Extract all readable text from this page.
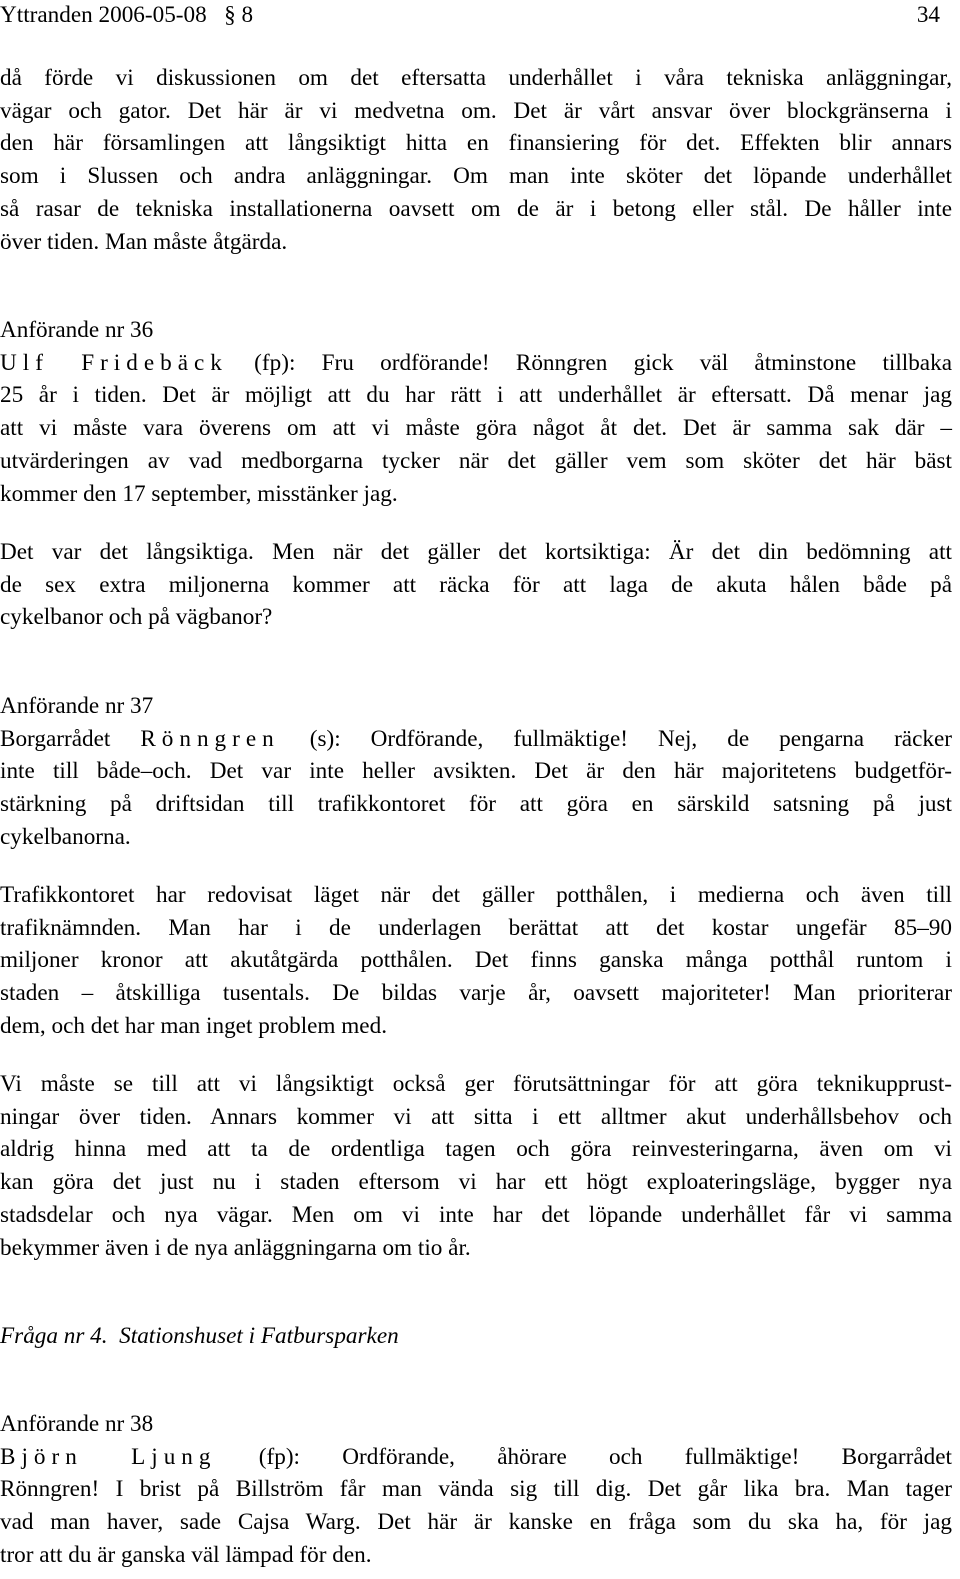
Yttranden 2006-05-08   § 8	34
då förde vi diskussionen om det eftersatta underhållet i våra tekniska anläggningar,
vägar och gator. Det här är vi medvetna om. Det är vårt ansvar över blockgränserna i
den här församlingen att långsiktigt hitta en finansiering för det. Effekten blir annars
som i Slussen och andra anläggningar. Om man inte sköter det löpande underhållet
så rasar de tekniska installationerna oavsett om de är i betong eller stål. De håller inte
över tiden. Man måste åtgärda.
Anförande nr 36
Ulf Fridebäck (fp): Fru ordförande! Rönngren gick väl åtminstone tillbaka
25 år i tiden. Det är möjligt att du har rätt i att underhållet är eftersatt. Då menar jag
att vi måste vara överens om att vi måste göra något åt det. Det är samma sak där –
utvärderingen av vad medborgarna tycker när det gäller vem som sköter det här bäst
kommer den 17 september, misstänker jag.
Det var det långsiktiga. Men när det gäller det kortsiktiga: Är det din bedömning att
de sex extra miljonerna kommer att räcka för att laga de akuta hålen både på
cykelbanor och på vägbanor?
Anförande nr 37
Borgarrådet Rönngren (s): Ordförande, fullmäktige! Nej, de pengarna räcker
inte till både–och. Det var inte heller avsikten. Det är den här majoritetens budgetför-
stärkning på driftsidan till trafikkontoret för att göra en särskild satsning på just
cykelbanorna.
Trafikkontoret har redovisat läget när det gäller potthålen, i medierna och även till
trafiknämnden. Man har i de underlagen berättat att det kostar ungefär 85–90
miljoner kronor att akutåtgärda potthålen. Det finns ganska många potthål runtom i
staden – åtskilliga tusentals. De bildas varje år, oavsett majoriteter! Man prioriterar
dem, och det har man inget problem med.
Vi måste se till att vi långsiktigt också ger förutsättningar för att göra teknikupprust-
ningar över tiden. Annars kommer vi att sitta i ett alltmer akut underhållsbehov och
aldrig hinna med att ta de ordentliga tagen och göra reinvesteringarna, även om vi
kan göra det just nu i staden eftersom vi har ett högt exploateringsläge, bygger nya
stadsdelar och nya vägar. Men om vi inte har det löpande underhållet får vi samma
bekymmer även i de nya anläggningarna om tio år.
Fråga nr 4. Stationshuset i Fatbursparken
Anförande nr 38
Björn Ljung (fp): Ordförande, åhörare och fullmäktige! Borgarrådet
Rönngren! I brist på Billström får man vända sig till dig. Det går lika bra. Man tager
vad man haver, sade Cajsa Warg. Det här är kanske en fråga som du ska ha, för jag
tror att du är ganska väl lämpad för den.
